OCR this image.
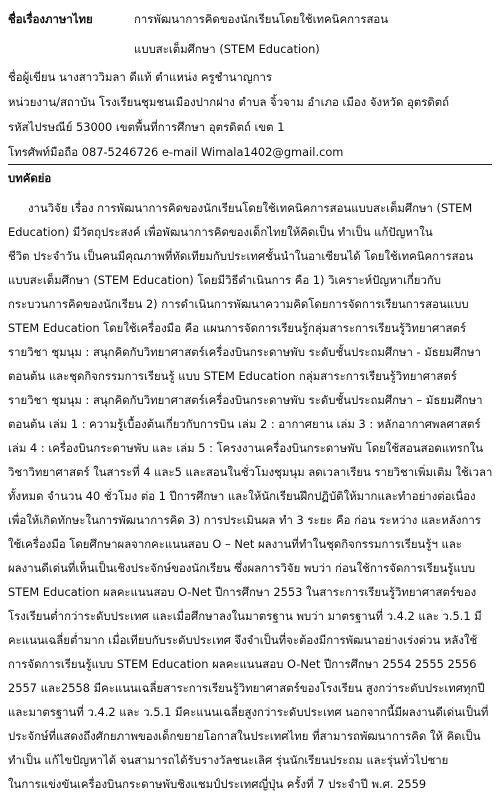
ชื่อเรื่องภาษาไทย	การพัฒนาการคิดของนักเรียนโดยใช้เทคนิคการสอน
แบบสะเต็มศึกษา (STEM Education)
ชื่อผู้เขียน นางสาววิมลา ดีแท้ ตำแหน่ง ครูชำนาญการ
หน่วยงาน/สถาบัน โรงเรียนชุมชนเมืองปากฝาง ตำบล จิ้วจาม อำเภอ เมือง จังหวัด อุตรดิตถ์
รหัสไปรษณีย์ 53000 เขตพื้นที่การศึกษา อุตรดิตถ์ เขต 1
โทรศัพท์มือถือ 087-5246726 e-mail Wimala1402@gmail.com
บทคัดย่อ
งานวิจัย เรื่อง การพัฒนาการคิดของนักเรียนโดยใช้เทคนิคการสอนแบบสะเต็มศึกษา (STEM
Education) มีวัตถุประสงค์ เพื่อพัฒนาการคิดของเด็กไทยให้คิดเป็น ทำเป็น แก้ปัญหาใน
ชีวิต ประจำวัน เป็นคนมีคุณภาพที่ทัดเทียมกับประเทศชั้นนำในอาเซียนได้ โดยใช้เทคนิคการสอน
แบบสะเต็มศึกษา (STEM Education) โดยมีวิธีดำเนินการ คือ 1) วิเคราะห์ปัญหาเกี่ยวกับ
กระบวนการคิดของนักเรียน 2) การดำเนินการพัฒนาความคิดโดยการจัดการเรียนการสอนแบบ
STEM Education โดยใช้เครื่องมือ คือ แผนการจัดการเรียนรู้กลุ่มสาระการเรียนรู้วิทยาศาสตร์
รายวิชา ชุมนุม : สนุกคิดกับวิทยาศาสตร์เครื่องบินกระดาษพับ ระดับชั้นประถมศึกษา - มัธยมศึกษา
ตอนต้น และชุดกิจกรรมการเรียนรู้ แบบ STEM Education กลุ่มสาระการเรียนรู้วิทยาศาสตร์
รายวิชา ชุมนุม : สนุกคิดกับวิทยาศาสตร์เครื่องบินกระดาษพับ ระดับชั้นประถมศึกษา – มัธยมศึกษา
ตอนต้น เล่ม 1 : ความรู้เบื้องต้นเกี่ยวกับการบิน เล่ม 2 : อากาศยาน เล่ม 3 : หลักอากาศพลศาสตร์
เล่ม 4 : เครื่องบินกระดาษพับ และ เล่ม 5 : โครงงานเครื่องบินกระดาษพับ โดยใช้สอนสอดแทรกใน
วิชาวิทยาศาสตร์ ในสาระที่ 4 และ5 และสอนในชั่วโมงชุมนุม ลดเวลาเรียน รายวิชาเพิ่มเติม ใช้เวลา
ทั้งหมด จำนวน 40 ชั่วโมง ต่อ 1 ปีการศึกษา และให้นักเรียนฝึกปฏิบัติให้มากและทำอย่างต่อเนื่อง
เพื่อให้เกิดทักษะในการพัฒนาการคิด 3) การประเมินผล ทำ 3 ระยะ คือ ก่อน ระหว่าง และหลังการ
ใช้เครื่องมือ โดยศึกษาผลจากคะแนนสอบ O – Net ผลงานที่ทำในชุดกิจกรรมการเรียนรู้ฯ และ
ผลงานดีเด่นที่เห็นเป็นเชิงประจักษ์ของนักเรียน ซึ่งผลการวิจัย พบว่า ก่อนใช้การจัดการเรียนรู้แบบ
STEM Education ผลคะแนนสอบ O-Net ปีการศึกษา 2553 ในสาระการเรียนรู้วิทยาศาสตร์ของ
โรงเรียนต่ำกว่าระดับประเทศ และเมื่อศึกษาลงในมาตรฐาน พบว่า มาตรฐานที่ ว.4.2 และ ว.5.1 มี
คะแนนเฉลี่ยต่ำมาก เมื่อเทียบกับระดับประเทศ จึงจำเป็นที่จะต้องมีการพัฒนาอย่างเร่งด่วน หลังใช้
การจัดการเรียนรู้แบบ STEM Education ผลคะแนนสอบ O-Net ปีการศึกษา 2554 2555 2556
2557 และ2558 มีคะแนนเฉลี่ยสาระการเรียนรู้วิทยาศาสตร์ของโรงเรียน สูงกว่าระดับประเทศทุกปี
และมาตรฐานที่ ว.4.2 และ ว.5.1 มีคะแนนเฉลี่ยสูงกว่าระดับประเทศ นอกจากนี้มีผลงานดีเด่นเป็นที่
ประจักษ์ที่แสดงถึงศักยภาพของเด็กขยายโอกาสในประเทศไทย ที่สามารถพัฒนาการคิด ให้ คิดเป็น
ทำเป็น แก้ไขปัญหาได้ จนสามารถได้รับรางวัลชนะเลิศ รุ่นนักเรียนประถม และรุ่นทั่วไปชาย
ในการแข่งขันเครื่องบินกระดาษพับชิงแชมป์ประเทศญี่ปุ่น ครั้งที่ 7 ประจำปี พ.ศ. 2559
